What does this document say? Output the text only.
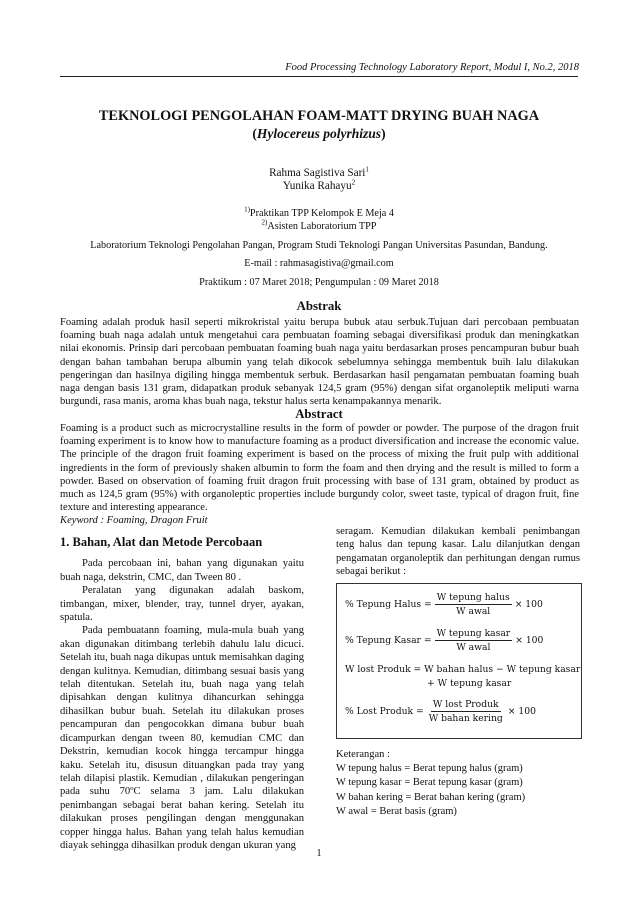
Food Processing Technology Laboratory Report, Modul I, No.2, 2018
TEKNOLOGI PENGOLAHAN FOAM-MATT DRYING BUAH NAGA
(Hylocereus polyrhizus)
Rahma Sagistiva Sari$^1$
Yunika Rahayu$^2$
$^{1)}$Praktikan TPP Kelompok E Meja 4
$^{2)}$Asisten Laboratorium TPP
Laboratorium Teknologi Pengolahan Pangan, Program Studi Teknologi Pangan Universitas Pasundan, Bandung.
E-mail : rahmasagistiva@gmail.com
Praktikum : 07 Maret 2018; Pengumpulan : 09 Maret 2018
Abstrak
Foaming adalah produk hasil seperti mikrokristal yaitu berupa bubuk atau serbuk.Tujuan dari percobaan pembuatan foaming buah naga adalah untuk mengetahui cara pembuatan foaming sebagai diversifikasi produk dan meningkatkan nilai ekonomis. Prinsip dari percobaan pembuatan foaming buah naga yaitu berdasarkan proses pencampuran bubur buah dengan bahan tambahan berupa albumin yang telah dikocok sebelumnya sehingga membentuk buih lalu dilakukan pengeringan dan hasilnya digiling hingga membentuk serbuk. Berdasarkan hasil pengamatan pembuatan foaming buah naga dengan basis 131 gram, didapatkan produk sebanyak 124,5 gram (95%) dengan sifat organoleptik meliputi warna burgundi, rasa manis, aroma khas buah naga, tekstur halus serta kenampakannya menarik.
Abstract
Foaming is a product such as microcrystalline results in the form of powder or powder. The purpose of the dragon fruit foaming experiment is to know how to manufacture foaming as a product diversification and increase the economic value. The principle of the dragon fruit foaming experiment is based on the process of mixing the fruit pulp with additional ingredients in the form of previously shaken albumin to form the foam and then drying and the result is milled to form a powder. Based on observation of foaming fruit dragon fruit processing with base of 131 gram, obtained by product as much as 124,5 gram (95%) with organoleptic properties include burgundy color, sweet taste, typical of dragon fruit, fine texture and interesting appearance.
Keyword : Foaming, Dragon Fruit

1. Bahan, Alat dan Metode Percobaan

Pada percobaan ini, bahan yang digunakan yaitu buah naga, dekstrin, CMC, dan Tween 80 .

Peralatan yang digunakan adalah baskom, timbangan, mixer, blender, tray, tunnel dryer, ayakan, spatula.

Pada pembuatann foaming, mula-mula buah yang akan digunakan ditimbang terlebih dahulu lalu dicuci. Setelah itu, buah naga dikupas untuk memisahkan daging dengan kulitnya. Kemudian, ditimbang sesuai basis yang telah ditentukan. Setelah itu, buah naga yang telah dipisahkan dengan kulitnya dihancurkan sehingga dihasilkan bubur buah. Setelah itu dilakukan proses pencampuran dan pengocokkan dimana bubur buah dicampurkan dengan tween 80, kemudian CMC dan Dekstrin, kemudian kocok hingga tercampur hingga kaku. Setelah itu, disusun dituangkan pada tray yang telah dilapisi plastik. Kemudian , dilakukan pengeringan pada suhu 70ºC selama 3 jam. Lalu dilakukan penimbangan sebagai berat bahan kering. Setelah itu dilakukan proses pengilingan dengan menggunakan copper hingga halus. Bahan yang telah halus kemudian diayak sehingga dihasilkan produk dengan ukuran yang

seragam. Kemudian dilakukan kembali penimbangan teng halus dan tepung kasar. Lalu dilanjutkan dengan pengamatan organoleptik dan perhitungan dengan rumus sebagai berikut :

% Tepung Halus = $\frac{\text{W tepung halus}}{\text{W awal}} \times 100$
% Tepung Kasar = $\frac{\text{W tepung kasar}}{\text{W awal}} \times 100$
W lost Produk = W bahan halus − W tepung kasar
+ W tepung kasar
% Lost Produk = $\frac{\text{W lost Produk}}{\text{W bahan kering}} \times 100$
Keterangan :
W tepung halus = Berat tepung halus (gram)
W tepung kasar = Berat tepung kasar (gram)
W bahan kering = Berat bahan kering (gram)
W awal = Berat basis (gram)
1
